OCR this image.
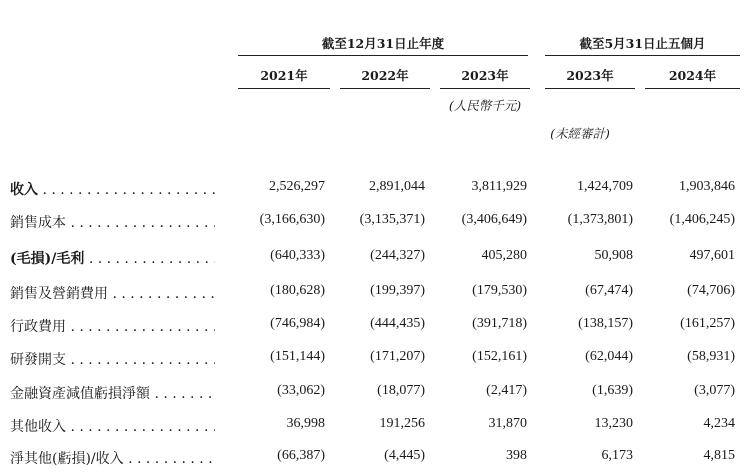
截至12月31日止年度	截至5月31日止五個月
2021年	2022年	2023年	2023年	2024年
(人民幣千元)
(未經審計)
收入 . . .	2,526,297	2,891,044	3,811,929	1,424,709	1,903,846
銷售成本 . . .	(3,166,630)	(3,135,371)	(3,406,649)	(1,373,801)	(1,406,245)
(毛損)/毛利 . . .	(640,333)	(244,327)	405,280	50,908	497,601
銷售及營銷費用 . . .	(180,628)	(199,397)	(179,530)	(67,474)	(74,706)
行政費用 . . .	(746,984)	(444,435)	(391,718)	(138,157)	(161,257)
研發開支 . . .	(151,144)	(171,207)	(152,161)	(62,044)	(58,931)
金融資產減值虧損淨額 . . .	(33,062)	(18,077)	(2,417)	(1,639)	(3,077)
其他收入 . . .	36,998	191,256	31,870	13,230	4,234
淨其他(虧損)/收入 . . .	(66,387)	(4,445)	398	6,173	4,815
